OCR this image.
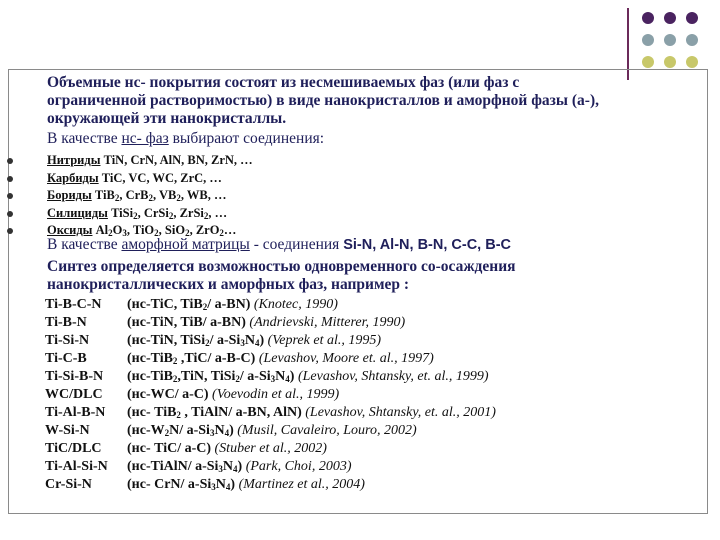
Объемные нс- покрытия состоят из несмешиваемых фаз (или фаз с
ограниченной растворимостью) в виде нанокристаллов и аморфной фазы (а-),
окружающей эти нанокристаллы.
В качестве нс- фаз выбирают соединения:
Нитриды TiN, CrN, AlN, BN, ZrN, …
Карбиды TiC, VC, WC, ZrC, …
Бориды TiB$_2$, CrB$_2$, $VB_2$, WB, …
Силициды TiSi$_2$, CrSi$_2$, ZrSi$_2$, …
Оксиды $Al_2O_3$, TiO$_2$, SiO$_2$, ZrO$_2$…
В качестве аморфной матрицы - соединения Si-N, Al-N, B-N, C-C, B-C
Синтез определяется возможностью одновременного со-осаждения
нанокристаллических и аморфных фаз, например :
Ti-B-C-N	(нс-TiC, TiB$_2$/ a-BN) (Knotec, 1990)
Ti-B-N	(нс-TiN, TiB/ a-BN) (Andrievski, Mitterer, 1990)
Ti-Si-N	(нс-TiN, TiSi$_2$/ $a-Si_3N_4$) (Veprek et al., 1995)
Ti-C-B	(нс-TiB$_2$ ,TiC/ a-B-C) (Levashov, Moore et. al., 1997)
Ti-Si-B-N	(нс-TiB$_2$,TiN, TiSi$_2$/ $a-Si_3N_4$) (Levashov, Shtansky, et. al., 1999)
WC/DLC	(нс-WC/ a-C) (Voevodin et al., 1999)
Ti-Al-B-N	(нс- TiB$_2$ , TiAlN/ a-BN, AlN) (Levashov, Shtansky, et. al., 2001)
W-Si-N	($нс-W_2N/$ $a-Si_3N_4$) (Musil, Cavaleiro, Louro, 2002)
TiC/DLC	(нс- TiC/ a-C) (Stuber et al., 2002)
Ti-Al-Si-N	(нс-TiAlN/ $a-Si_3N_4$) (Park, Choi, 2003)
Cr-Si-N	(нс- CrN/ $a-Si_3N_4$) (Martinez et al., 2004)
